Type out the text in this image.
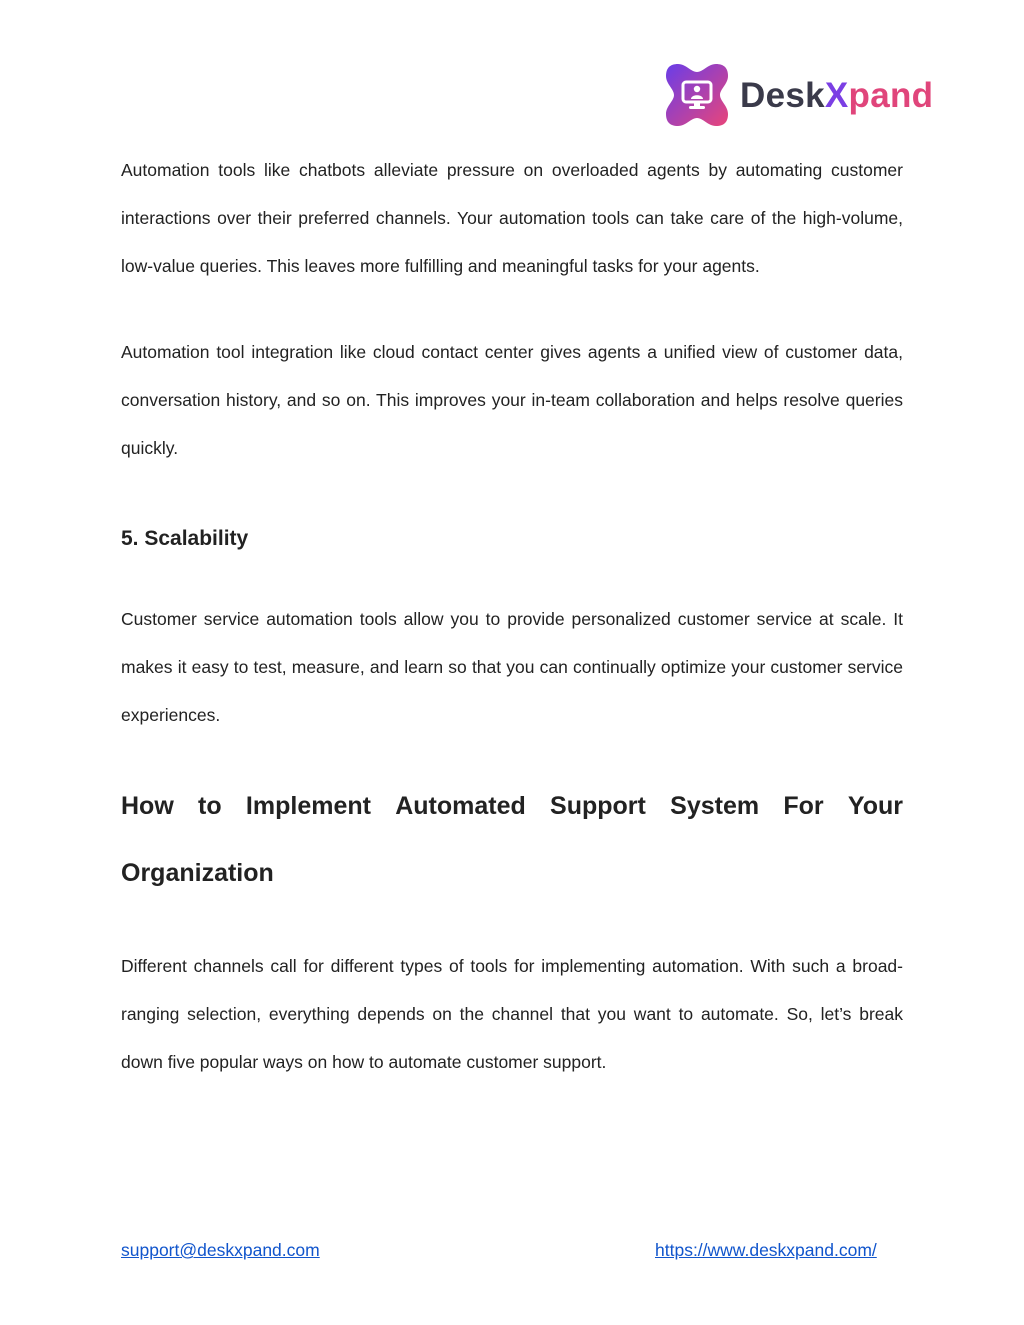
DeskXpand

Automation tools like chatbots alleviate pressure on overloaded agents by automating customer interactions over their preferred channels. Your automation tools can take care of the high-volume, low-value queries. This leaves more fulfilling and meaningful tasks for your agents.

Automation tool integration like cloud contact center gives agents a unified view of customer data, conversation history, and so on. This improves your in-team collaboration and helps resolve queries quickly.

5. Scalability

Customer service automation tools allow you to provide personalized customer service at scale. It makes it easy to test, measure, and learn so that you can continually optimize your customer service experiences.

How to Implement Automated Support System For Your
Organization

Different channels call for different types of tools for implementing automation. With such a broad-ranging selection, everything depends on the channel that you want to automate. So, let’s break down five popular ways on how to automate customer support.

support@deskxpand.com	https://www.deskxpand.com/
